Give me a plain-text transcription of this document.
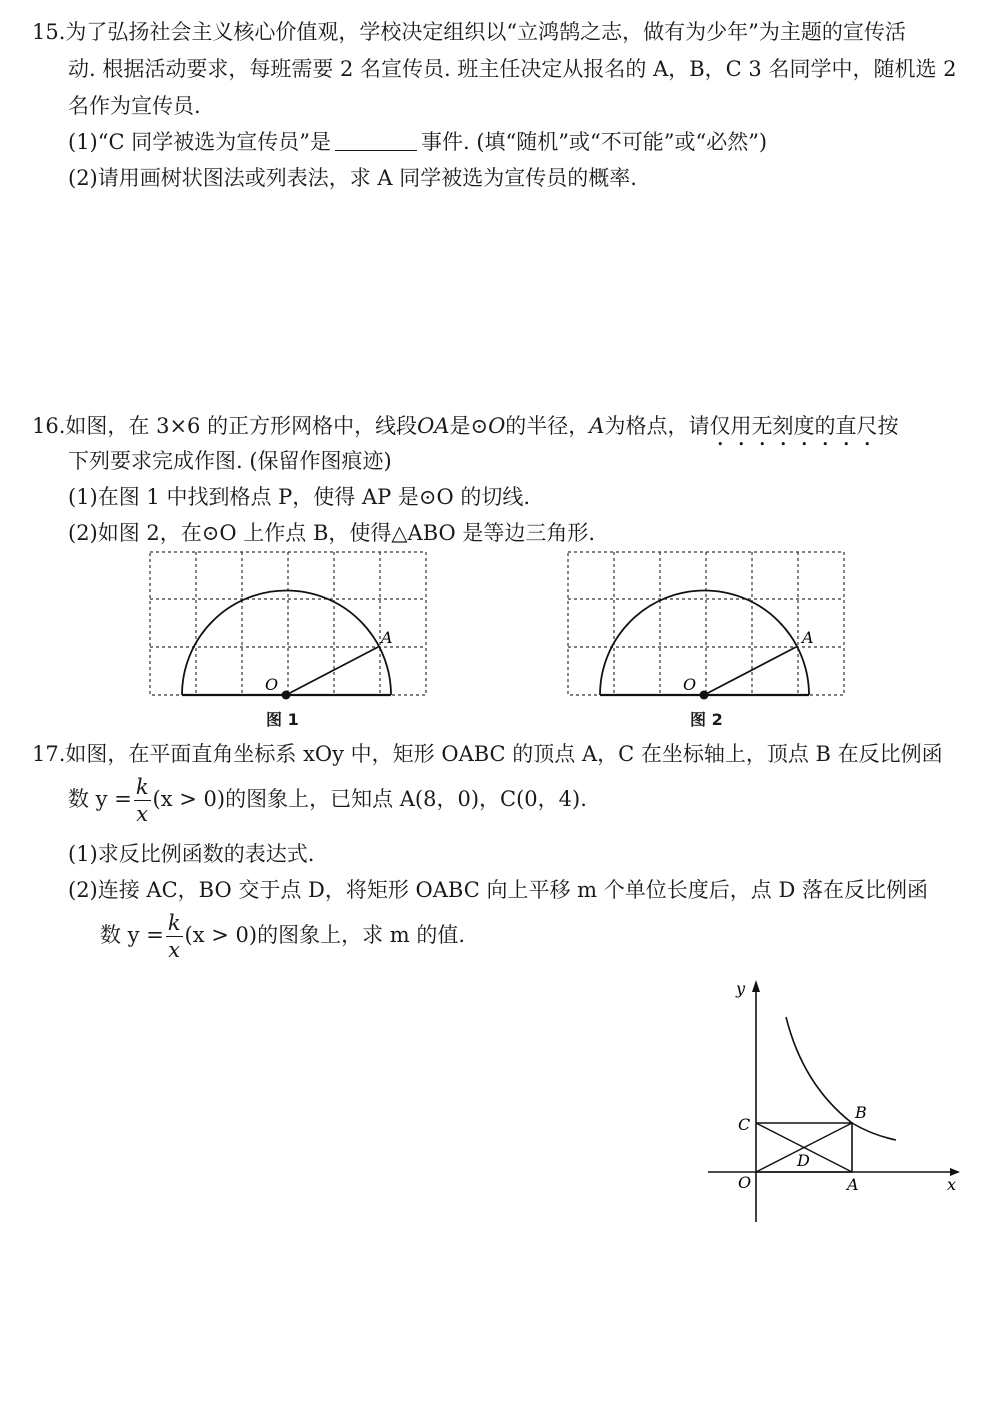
15.为了弘扬社会主义核心价值观，学校决定组织以“立鸿鹄之志，做有为少年”为主题的宣传活
动. 根据活动要求，每班需要 2 名宣传员. 班主任决定从报名的 A，B，C 3 名同学中，随机选 2
名作为宣传员.
(1)“C 同学被选为宣传员”是	事件. (填“随机”或“不可能”或“必然”)
(2)请用画树状图法或列表法，求 A 同学被选为宣传员的概率.
16.如图，在 3×6 的正方形网格中，线段OA是⊙O的半径，A为格点，请仅用无刻度的直尺按
下列要求完成作图. (保留作图痕迹)
(1)在图 1 中找到格点 P，使得 AP 是⊙O 的切线.
(2)如图 2，在⊙O 上作点 B，使得△ABO 是等边三角形.
A
O
图 1
A
O
图 2
17.如图，在平面直角坐标系 xOy 中，矩形 OABC 的顶点 A，C 在坐标轴上，顶点 B 在反比例函
数 $y = \frac{k}{x} (x > 0)$的图象上，已知点 A(8，0)，C(0，4).
(1)求反比例函数的表达式.
(2)连接 AC，BO 交于点 D，将矩形 OABC 向上平移 m 个单位长度后，点 D 落在反比例函
数 $y = \frac{k}{x} (x > 0)$的图象上，求 m 的值.
y
x
O	A
B
C
D
